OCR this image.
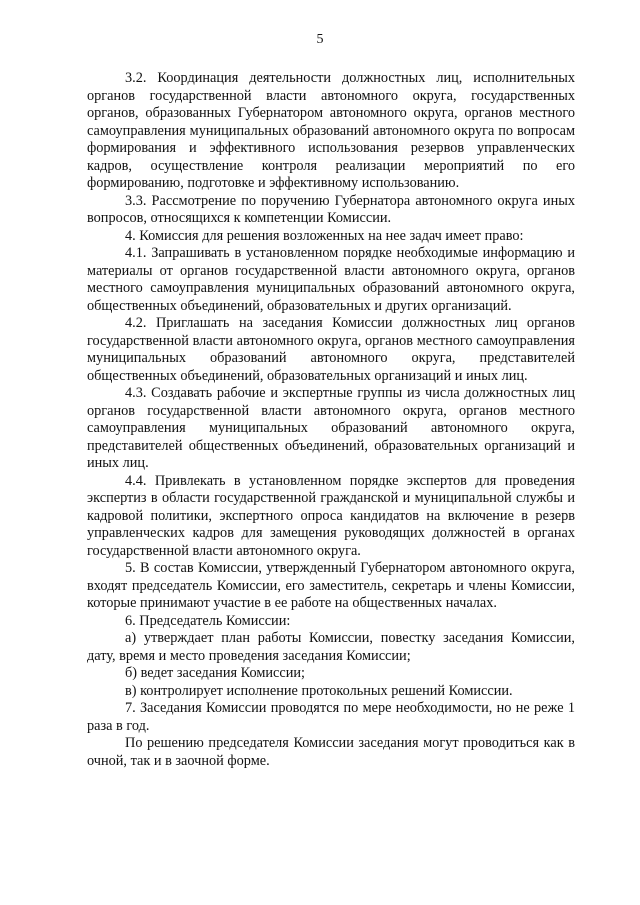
5

3.2. Координация деятельности должностных лиц, исполнительных органов государственной власти автономного округа, государственных органов, образованных Губернатором автономного округа, органов местного самоуправления муниципальных образований автономного округа по вопросам формирования и эффективного использования резервов управленческих кадров, осуществление контроля реализации мероприятий по его формированию, подготовке и эффективному использованию.

3.3. Рассмотрение по поручению Губернатора автономного округа иных вопросов, относящихся к компетенции Комиссии.

4. Комиссия для решения возложенных на нее задач имеет право:

4.1. Запрашивать в установленном порядке необходимые информацию и материалы от органов государственной власти автономного округа, органов местного самоуправления муниципальных образований автономного округа, общественных объединений, образовательных и других организаций.

4.2. Приглашать на заседания Комиссии должностных лиц органов государственной власти автономного округа, органов местного самоуправления муниципальных образований автономного округа, представителей общественных объединений, образовательных организаций и иных лиц.

4.3. Создавать рабочие и экспертные группы из числа должностных лиц органов государственной власти автономного округа, органов местного самоуправления муниципальных образований автономного округа, представителей общественных объединений, образовательных организаций и иных лиц.

4.4. Привлекать в установленном порядке экспертов для проведения экспертиз в области государственной гражданской и муниципальной службы и кадровой политики, экспертного опроса кандидатов на включение в резерв управленческих кадров для замещения руководящих должностей в органах государственной власти автономного округа.

5. В состав Комиссии, утвержденный Губернатором автономного округа, входят председатель Комиссии, его заместитель, секретарь и члены Комиссии, которые принимают участие в ее работе на общественных началах.

6. Председатель Комиссии:

а) утверждает план работы Комиссии, повестку заседания Комиссии, дату, время и место проведения заседания Комиссии;

б) ведет заседания Комиссии;

в) контролирует исполнение протокольных решений Комиссии.

7. Заседания Комиссии проводятся по мере необходимости, но не реже 1 раза в год.

По решению председателя Комиссии заседания могут проводиться как в очной, так и в заочной форме.
